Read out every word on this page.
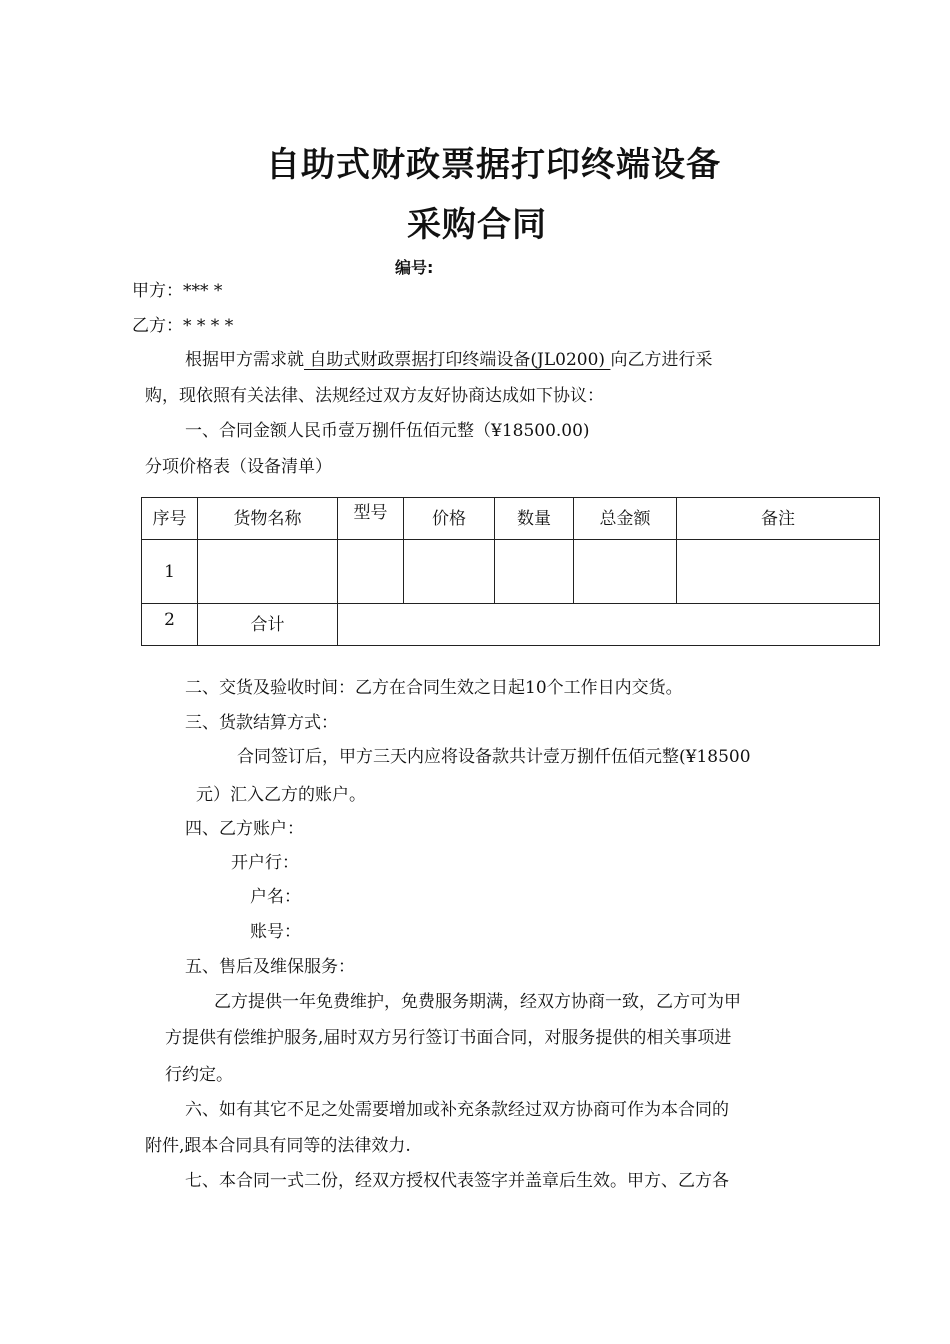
自助式财政票据打印终端设备
采购合同
编号:
甲方：*** *
乙方：* * * *
根据甲方需求就 自助式财政票据打印终端设备(JL0200) 向乙方进行采
购，现依照有关法律、法规经过双方友好协商达成如下协议：
一、合同金额人民币壹万捌仟伍佰元整（¥18500.00)
分项价格表（设备清单）
序号	货物名称	型号	价格	数量	总金额	备注
1						
2	合计					
二、交货及验收时间：乙方在合同生效之日起10个工作日内交货。
三、货款结算方式：
合同签订后，甲方三天内应将设备款共计壹万捌仟伍佰元整(¥18500
元）汇入乙方的账户。
四、乙方账户：
开户行：
户名：
账号：
五、售后及维保服务：
乙方提供一年免费维护，免费服务期满，经双方协商一致，乙方可为甲
方提供有偿维护服务,届时双方另行签订书面合同，对服务提供的相关事项进
行约定。
六、如有其它不足之处需要增加或补充条款经过双方协商可作为本合同的
附件,跟本合同具有同等的法律效力.
七、本合同一式二份，经双方授权代表签字并盖章后生效。甲方、乙方各
